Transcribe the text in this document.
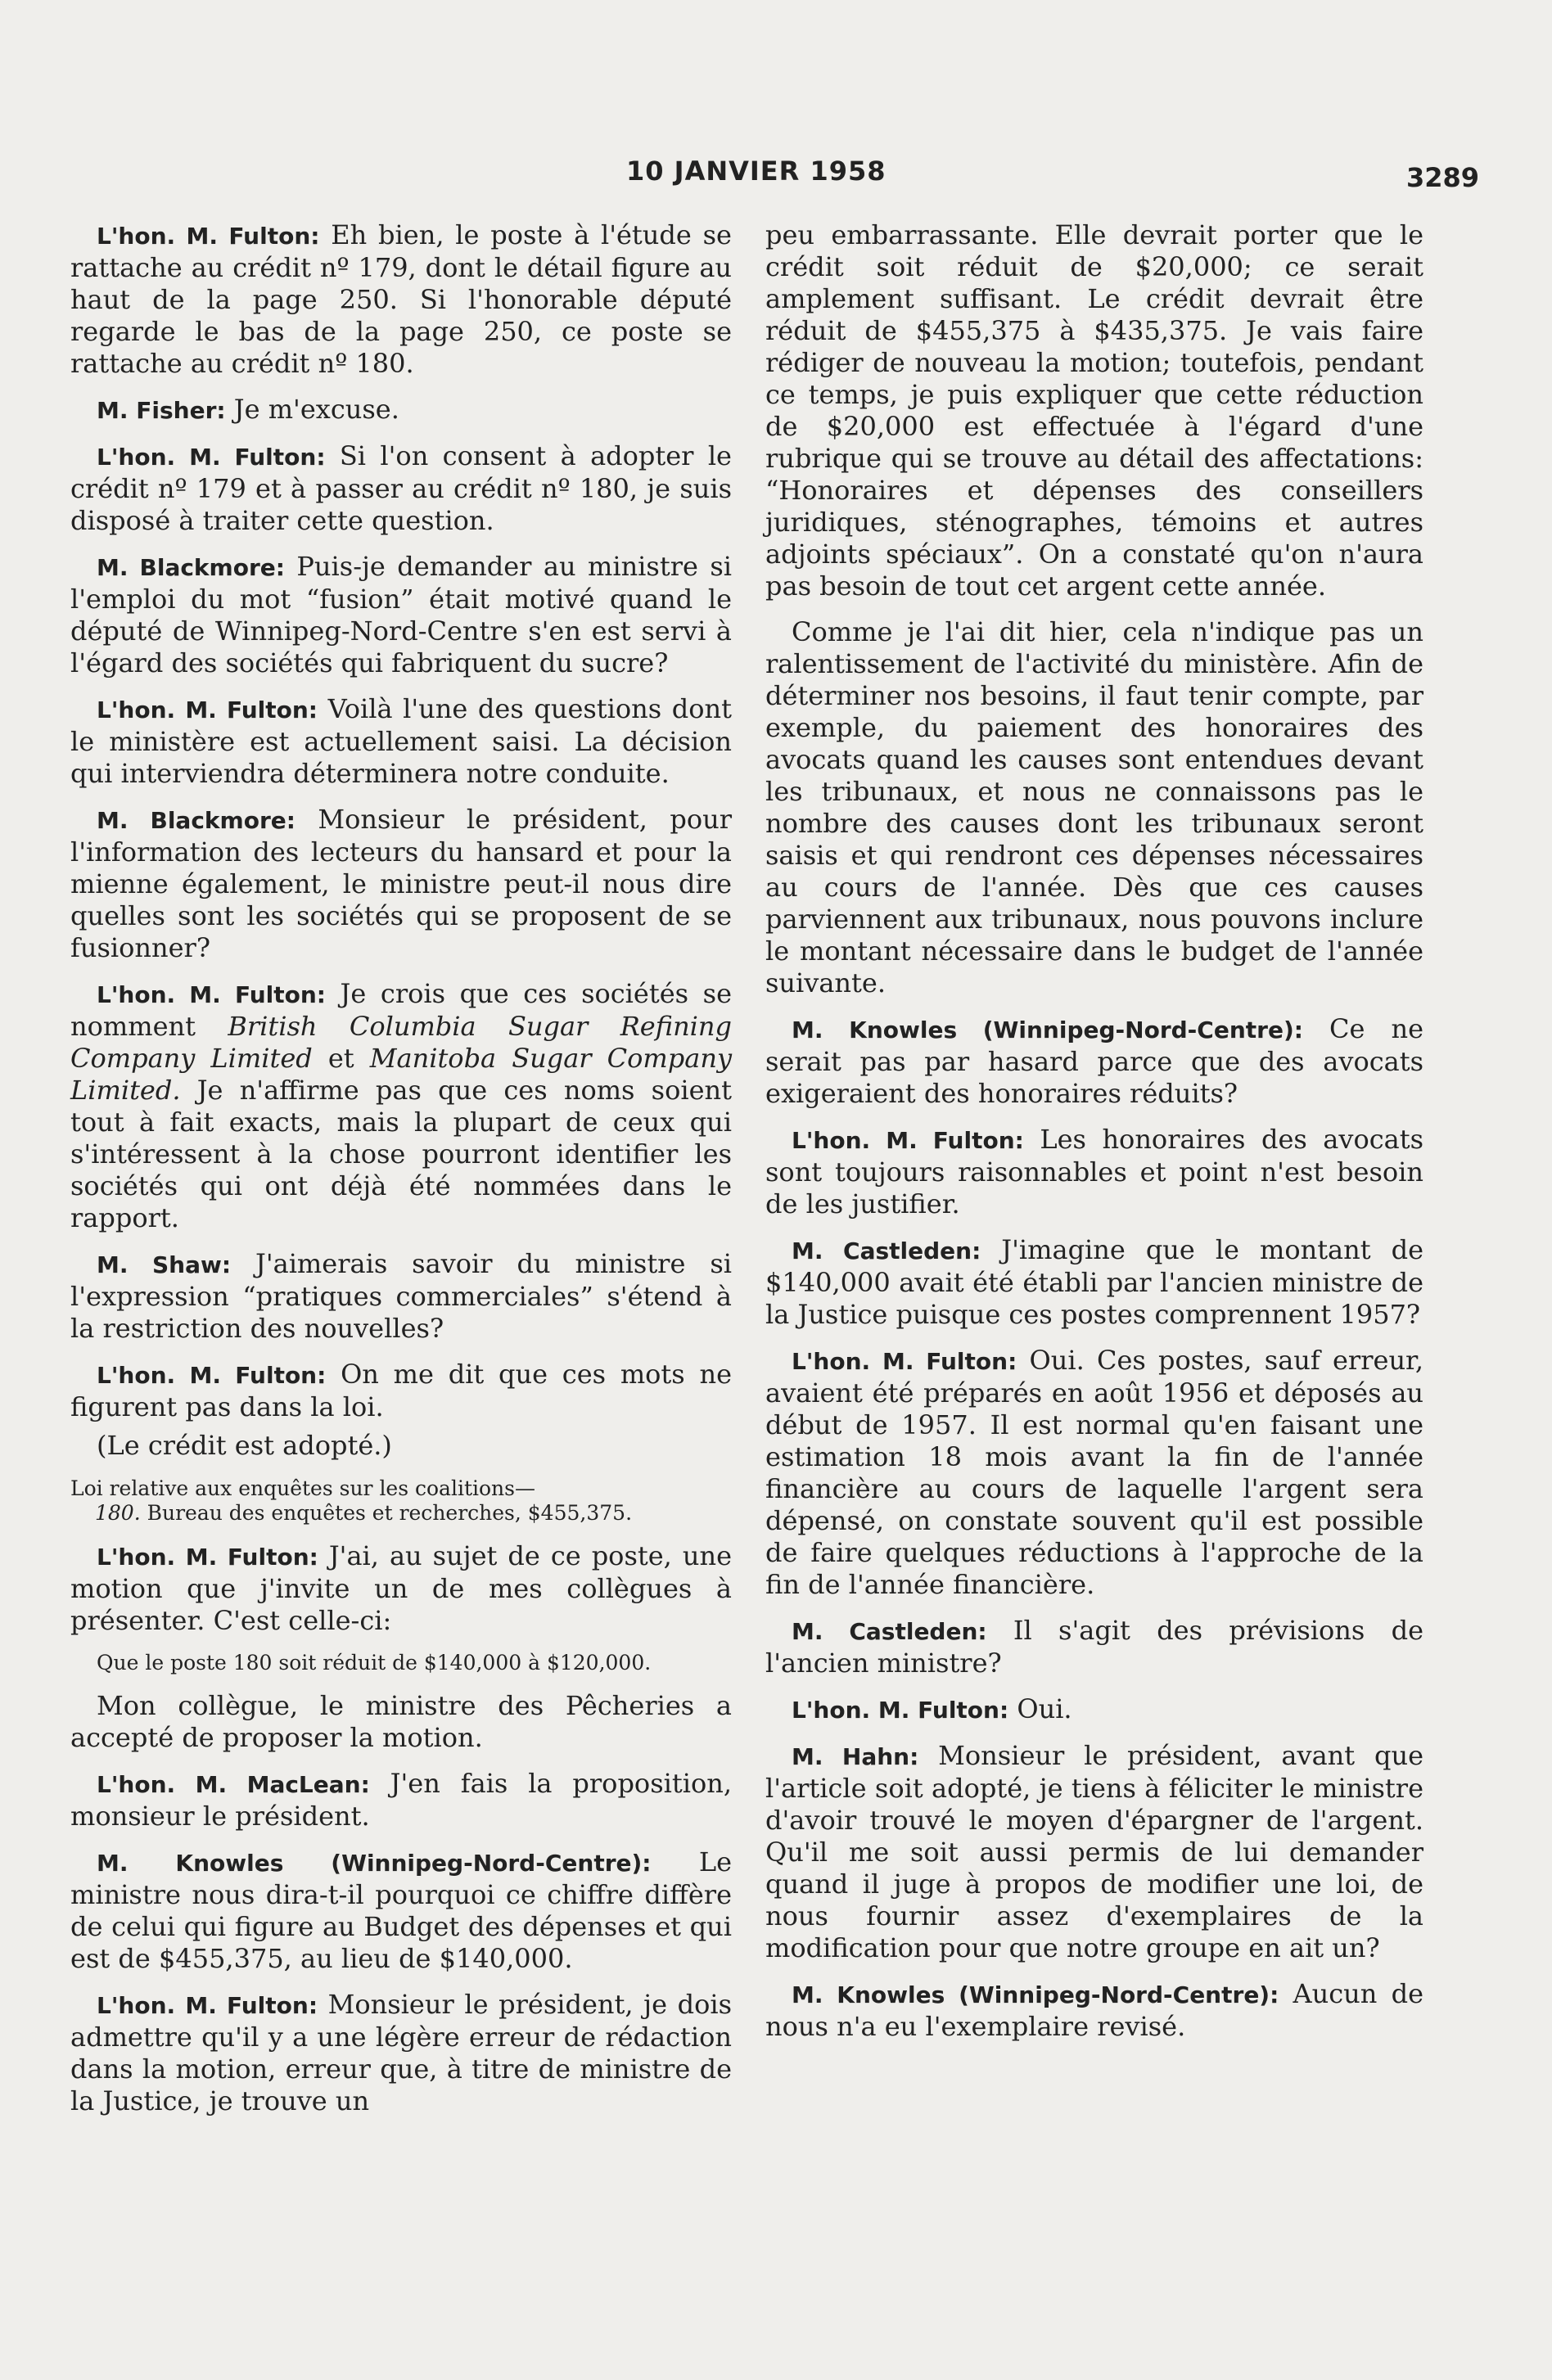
10 JANVIER 1958	3289

L'hon. M. Fulton: Eh bien, le poste à l'étude se rattache au crédit nº 179, dont le détail figure au haut de la page 250. Si l'honorable député regarde le bas de la page 250, ce poste se rattache au crédit nº 180.

M. Fisher: Je m'excuse.

L'hon. M. Fulton: Si l'on consent à adopter le crédit nº 179 et à passer au crédit nº 180, je suis disposé à traiter cette question.

M. Blackmore: Puis-je demander au ministre si l'emploi du mot “fusion” était motivé quand le député de Winnipeg-Nord-Centre s'en est servi à l'égard des sociétés qui fabriquent du sucre?

L'hon. M. Fulton: Voilà l'une des questions dont le ministère est actuellement saisi. La décision qui interviendra déterminera notre conduite.

M. Blackmore: Monsieur le président, pour l'information des lecteurs du hansard et pour la mienne également, le ministre peut-il nous dire quelles sont les sociétés qui se proposent de se fusionner?

L'hon. M. Fulton: Je crois que ces sociétés se nomment British Columbia Sugar Refining Company Limited et Manitoba Sugar Company Limited. Je n'affirme pas que ces noms soient tout à fait exacts, mais la plupart de ceux qui s'intéressent à la chose pourront identifier les sociétés qui ont déjà été nommées dans le rapport.

M. Shaw: J'aimerais savoir du ministre si l'expression “pratiques commerciales” s'étend à la restriction des nouvelles?

L'hon. M. Fulton: On me dit que ces mots ne figurent pas dans la loi.

(Le crédit est adopté.)

Loi relative aux enquêtes sur les coalitions—
180. Bureau des enquêtes et recherches, $455,375.

L'hon. M. Fulton: J'ai, au sujet de ce poste, une motion que j'invite un de mes collègues à présenter. C'est celle-ci:

Que le poste 180 soit réduit de $140,000 à $120,000.

Mon collègue, le ministre des Pêcheries a accepté de proposer la motion.

L'hon. M. MacLean: J'en fais la proposition, monsieur le président.

M. Knowles (Winnipeg-Nord-Centre): Le ministre nous dira-t-il pourquoi ce chiffre diffère de celui qui figure au Budget des dépenses et qui est de $455,375, au lieu de $140,000.

L'hon. M. Fulton: Monsieur le président, je dois admettre qu'il y a une légère erreur de rédaction dans la motion, erreur que, à titre de ministre de la Justice, je trouve un

peu embarrassante. Elle devrait porter que le crédit soit réduit de $20,000; ce serait amplement suffisant. Le crédit devrait être réduit de $455,375 à $435,375. Je vais faire rédiger de nouveau la motion; toutefois, pendant ce temps, je puis expliquer que cette réduction de $20,000 est effectuée à l'égard d'une rubrique qui se trouve au détail des affectations: “Honoraires et dépenses des conseillers juridiques, sténographes, témoins et autres adjoints spéciaux”. On a constaté qu'on n'aura pas besoin de tout cet argent cette année.

Comme je l'ai dit hier, cela n'indique pas un ralentissement de l'activité du ministère. Afin de déterminer nos besoins, il faut tenir compte, par exemple, du paiement des honoraires des avocats quand les causes sont entendues devant les tribunaux, et nous ne connaissons pas le nombre des causes dont les tribunaux seront saisis et qui rendront ces dépenses nécessaires au cours de l'année. Dès que ces causes parviennent aux tribunaux, nous pouvons inclure le montant nécessaire dans le budget de l'année suivante.

M. Knowles (Winnipeg-Nord-Centre): Ce ne serait pas par hasard parce que des avocats exigeraient des honoraires réduits?

L'hon. M. Fulton: Les honoraires des avocats sont toujours raisonnables et point n'est besoin de les justifier.

M. Castleden: J'imagine que le montant de $140,000 avait été établi par l'ancien ministre de la Justice puisque ces postes comprennent 1957?

L'hon. M. Fulton: Oui. Ces postes, sauf erreur, avaient été préparés en août 1956 et déposés au début de 1957. Il est normal qu'en faisant une estimation 18 mois avant la fin de l'année financière au cours de laquelle l'argent sera dépensé, on constate souvent qu'il est possible de faire quelques réductions à l'approche de la fin de l'année financière.

M. Castleden: Il s'agit des prévisions de l'ancien ministre?

L'hon. M. Fulton: Oui.

M. Hahn: Monsieur le président, avant que l'article soit adopté, je tiens à féliciter le ministre d'avoir trouvé le moyen d'épargner de l'argent. Qu'il me soit aussi permis de lui demander quand il juge à propos de modifier une loi, de nous fournir assez d'exemplaires de la modification pour que notre groupe en ait un?

M. Knowles (Winnipeg-Nord-Centre): Aucun de nous n'a eu l'exemplaire revisé.
